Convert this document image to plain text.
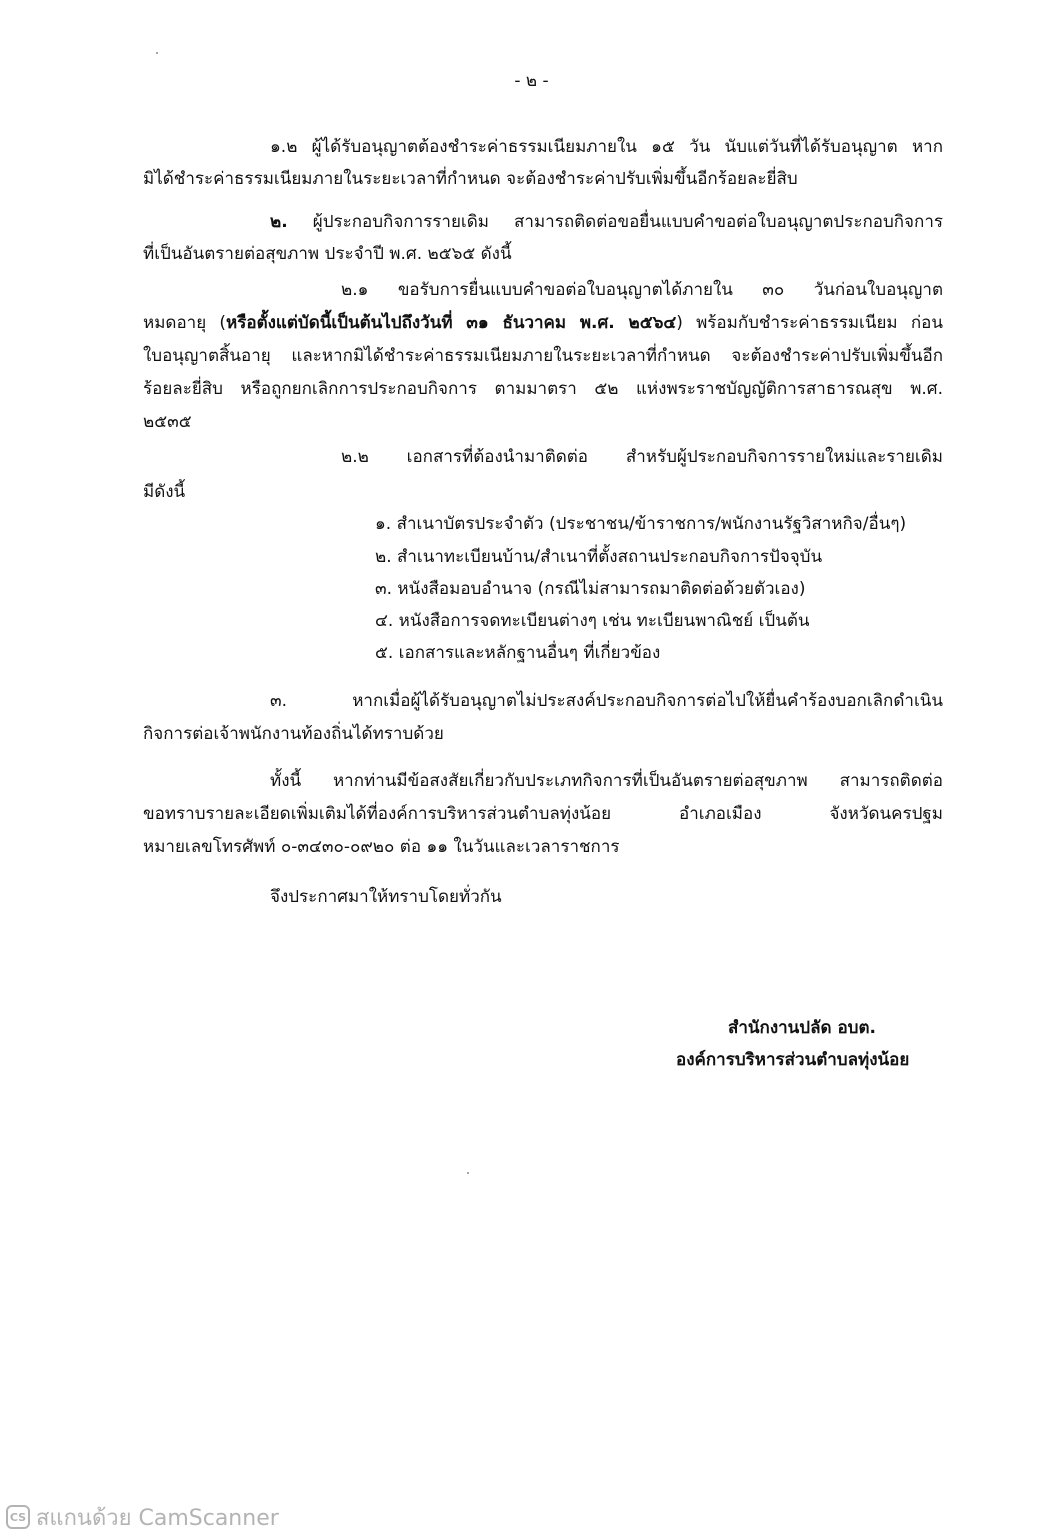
- ๒ -
๑.๒ ผู้ได้รับอนุญาตต้องชำระค่าธรรมเนียมภายใน ๑๕ วัน นับแต่วันที่ได้รับอนุญาต หาก
มิได้ชำระค่าธรรมเนียมภายในระยะเวลาที่กำหนด จะต้องชำระค่าปรับเพิ่มขึ้นอีกร้อยละยี่สิบ
๒. ผู้ประกอบกิจการรายเดิม สามารถติดต่อขอยื่นแบบคำขอต่อใบอนุญาตประกอบกิจการ
ที่เป็นอันตรายต่อสุขภาพ ประจำปี พ.ศ. ๒๕๖๕ ดังนี้
๒.๑ ขอรับการยื่นแบบคำขอต่อใบอนุญาตได้ภายใน ๓๐ วันก่อนใบอนุญาต
หมดอายุ (หรือตั้งแต่บัดนี้เป็นต้นไปถึงวันที่ ๓๑ ธันวาคม พ.ศ. ๒๕๖๔) พร้อมกับชำระค่าธรรมเนียม ก่อน
ใบอนุญาตสิ้นอายุ และหากมิได้ชำระค่าธรรมเนียมภายในระยะเวลาที่กำหนด จะต้องชำระค่าปรับเพิ่มขึ้นอีก
ร้อยละยี่สิบ หรือถูกยกเลิกการประกอบกิจการ ตามมาตรา ๕๒ แห่งพระราชบัญญัติการสาธารณสุข พ.ศ.
๒๕๓๕
๒.๒ เอกสารที่ต้องนำมาติดต่อ สำหรับผู้ประกอบกิจการรายใหม่และรายเดิม
มีดังนี้
๑. สำเนาบัตรประจำตัว (ประชาชน/ข้าราชการ/พนักงานรัฐวิสาหกิจ/อื่นๆ)
๒. สำเนาทะเบียนบ้าน/สำเนาที่ตั้งสถานประกอบกิจการปัจจุบัน
๓. หนังสือมอบอำนาจ (กรณีไม่สามารถมาติดต่อด้วยตัวเอง)
๔. หนังสือการจดทะเบียนต่างๆ เช่น ทะเบียนพาณิชย์ เป็นต้น
๕. เอกสารและหลักฐานอื่นๆ ที่เกี่ยวข้อง
๓. หากเมื่อผู้ได้รับอนุญาตไม่ประสงค์ประกอบกิจการต่อไปให้ยื่นคำร้องบอกเลิกดำเนิน
กิจการต่อเจ้าพนักงานท้องถิ่นได้ทราบด้วย
ทั้งนี้ หากท่านมีข้อสงสัยเกี่ยวกับประเภทกิจการที่เป็นอันตรายต่อสุขภาพ สามารถติดต่อ
ขอทราบรายละเอียดเพิ่มเติมได้ที่องค์การบริหารส่วนตำบลทุ่งน้อย อำเภอเมือง จังหวัดนครปฐม
หมายเลขโทรศัพท์ ๐-๓๔๓๐-๐๙๒๐ ต่อ ๑๑ ในวันและเวลาราชการ
จึงประกาศมาให้ทราบโดยทั่วกัน
สำนักงานปลัด อบต.
องค์การบริหารส่วนตำบลทุ่งน้อย
CS สแกนด้วย CamScanner
